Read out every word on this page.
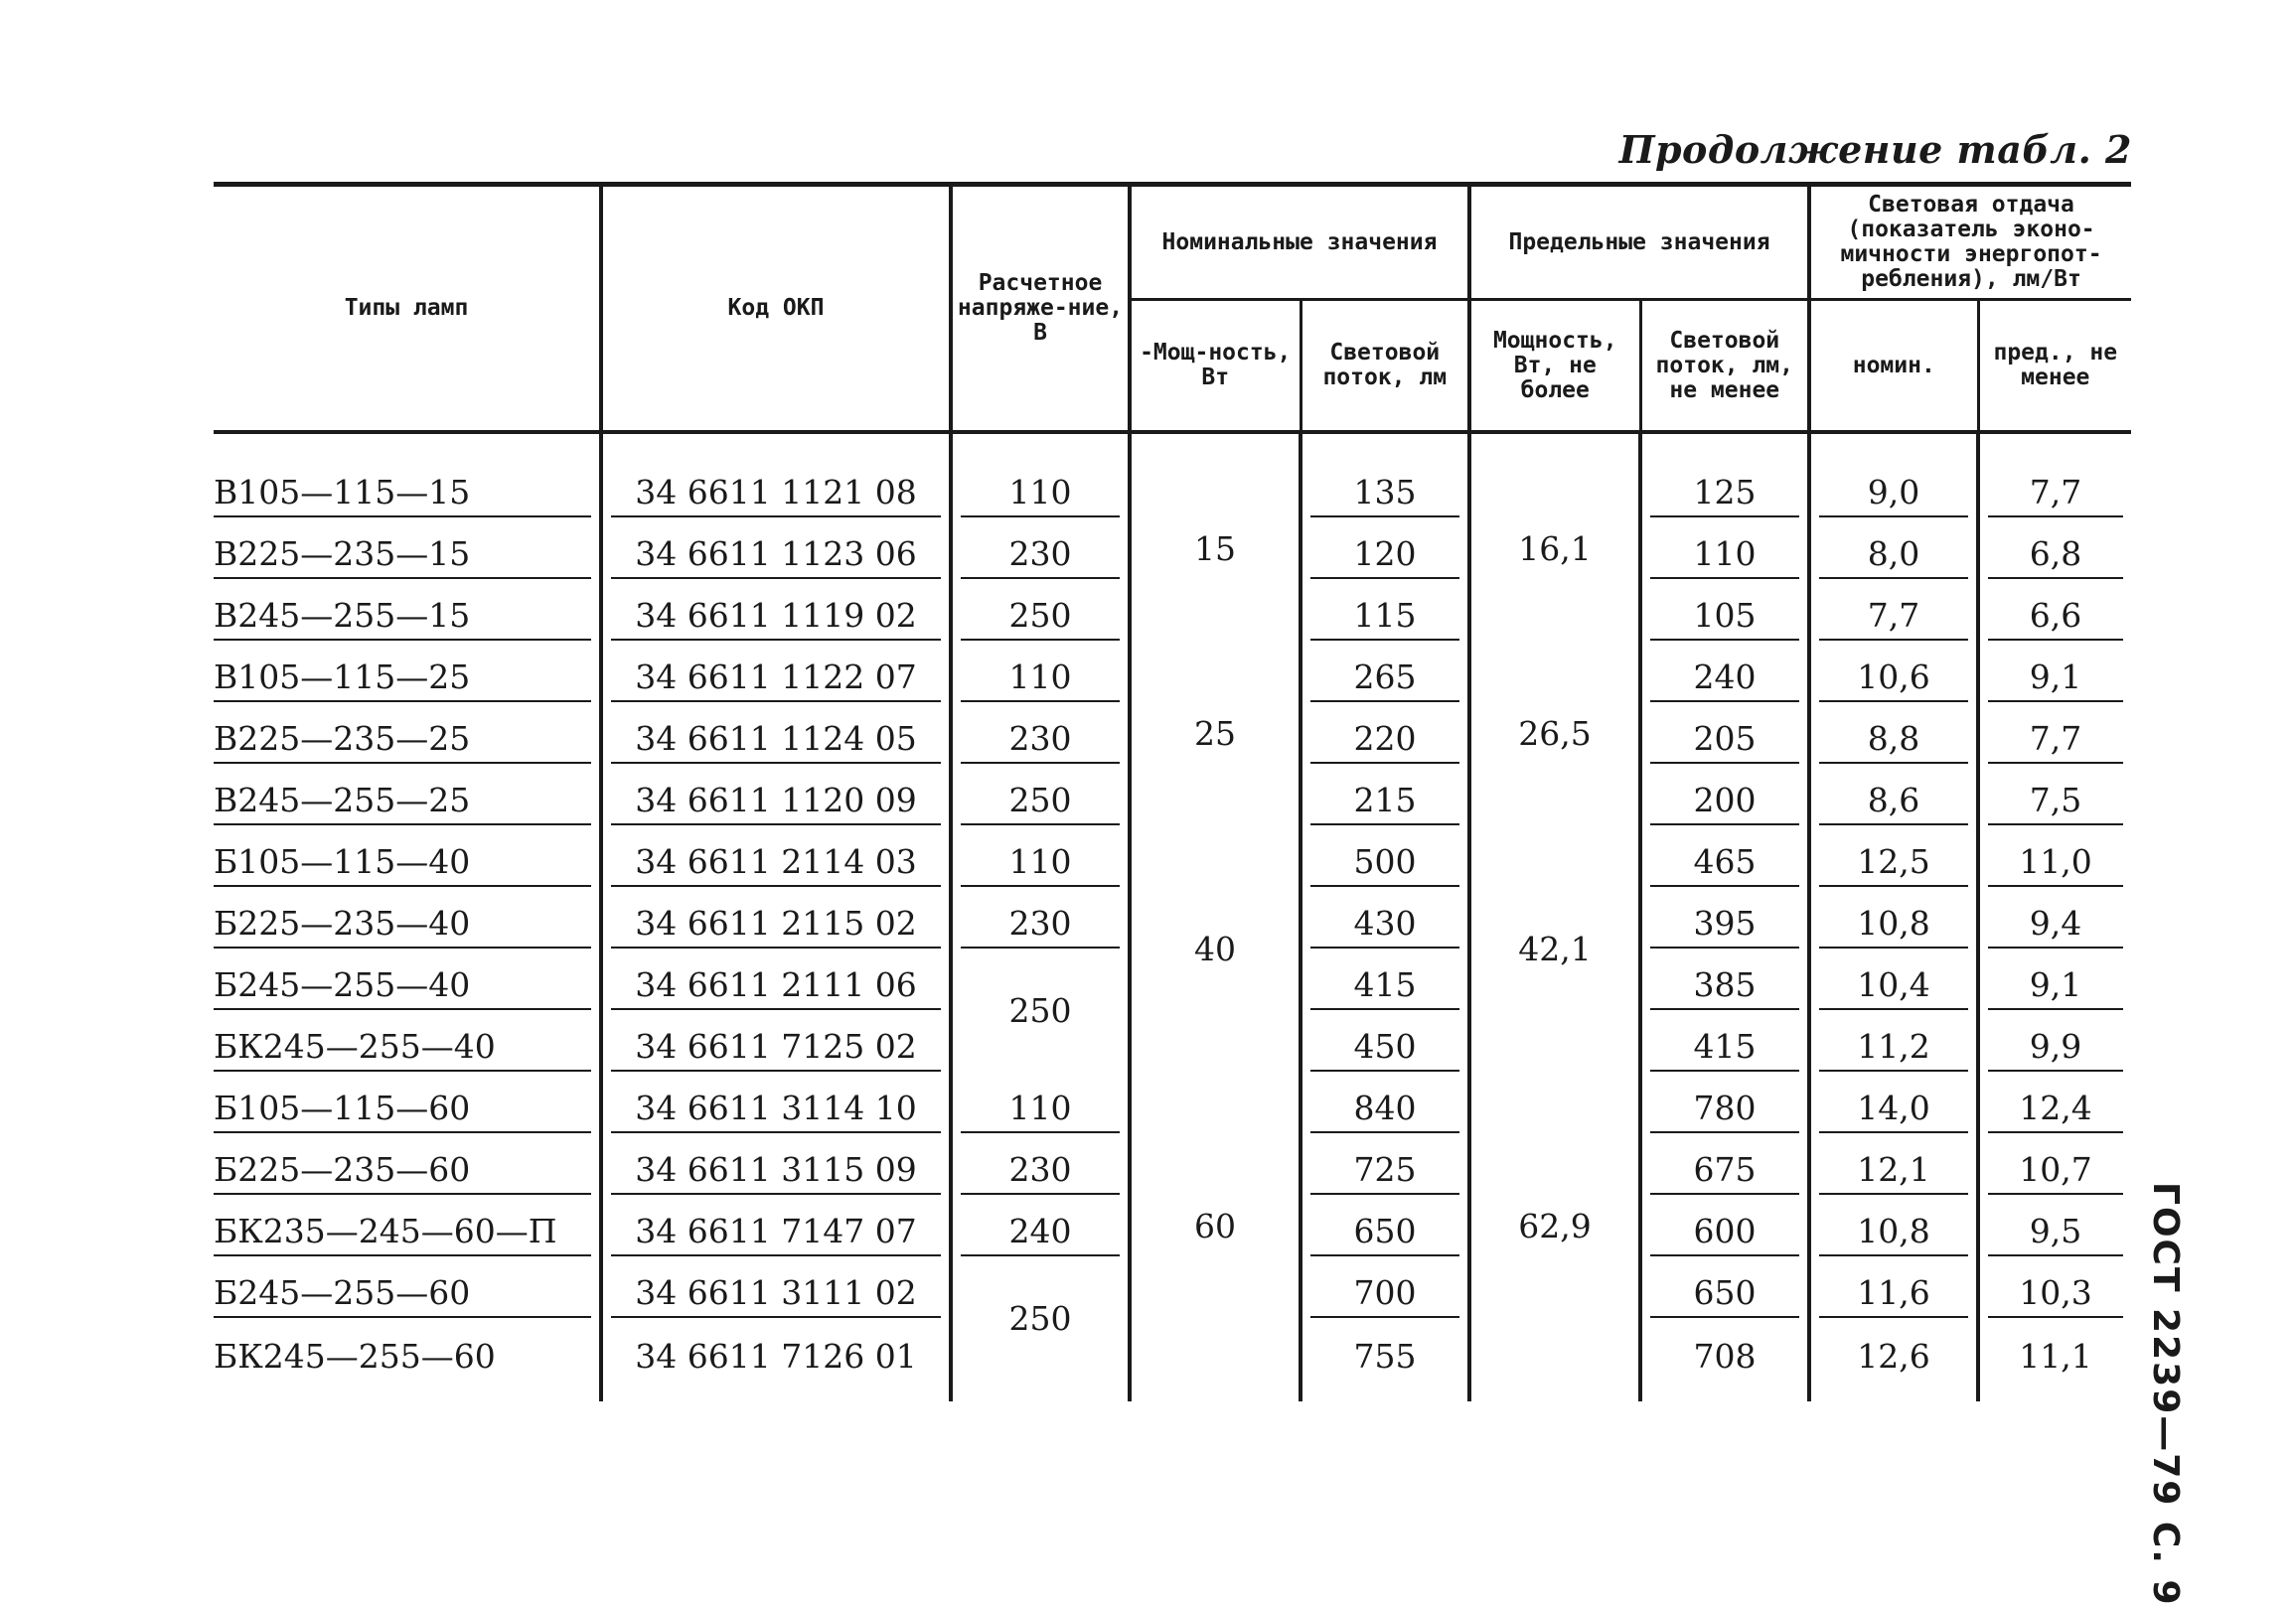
Продолжение табл. 2
ГОСТ 2239—79 С. 9
Типы ламп	Код ОКП	Расчетное напряже-ние, В	Номинальные значения		Предельные значения		Световая отдача (показатель эконо-мичности энергопот-ребления), лм/Вт	
			-Мощ-ность, Вт	Световой поток, лм	Мощность, Вт, не более	Световой поток, лм, не менее	номин.	пред., не менее

В105—115—15	34 6611 1121 08	110	15	135	16,1	125	9,0	7,7

В225—235—15	34 6611 1123 06	230		120		110	8,0	6,8

В245—255—15	34 6611 1119 02	250		115		105	7,7	6,6

В105—115—25	34 6611 1122 07	110	25	265	26,5	240	10,6	9,1

В225—235—25	34 6611 1124 05	230		220		205	8,8	7,7

В245—255—25	34 6611 1120 09	250		215		200	8,6	7,5

Б105—115—40	34 6611 2114 03	110	40	500	42,1	465	12,5	11,0

Б225—235—40	34 6611 2115 02	230		430		395	10,8	9,4

Б245—255—40	34 6611 2111 06	250		415		385	10,4	9,1

БК245—255—40	34 6611 7125 02			450		415	11,2	9,9

Б105—115—60	34 6611 3114 10	110	60	840	62,9	780	14,0	12,4

Б225—235—60	34 6611 3115 09	230		725		675	12,1	10,7

БК235—245—60—П	34 6611 7147 07	240		650		600	10,8	9,5

Б245—255—60	34 6611 3111 02	250		700		650	11,6	10,3

БК245—255—60	34 6611 7126 01			755		708	12,6	11,1
